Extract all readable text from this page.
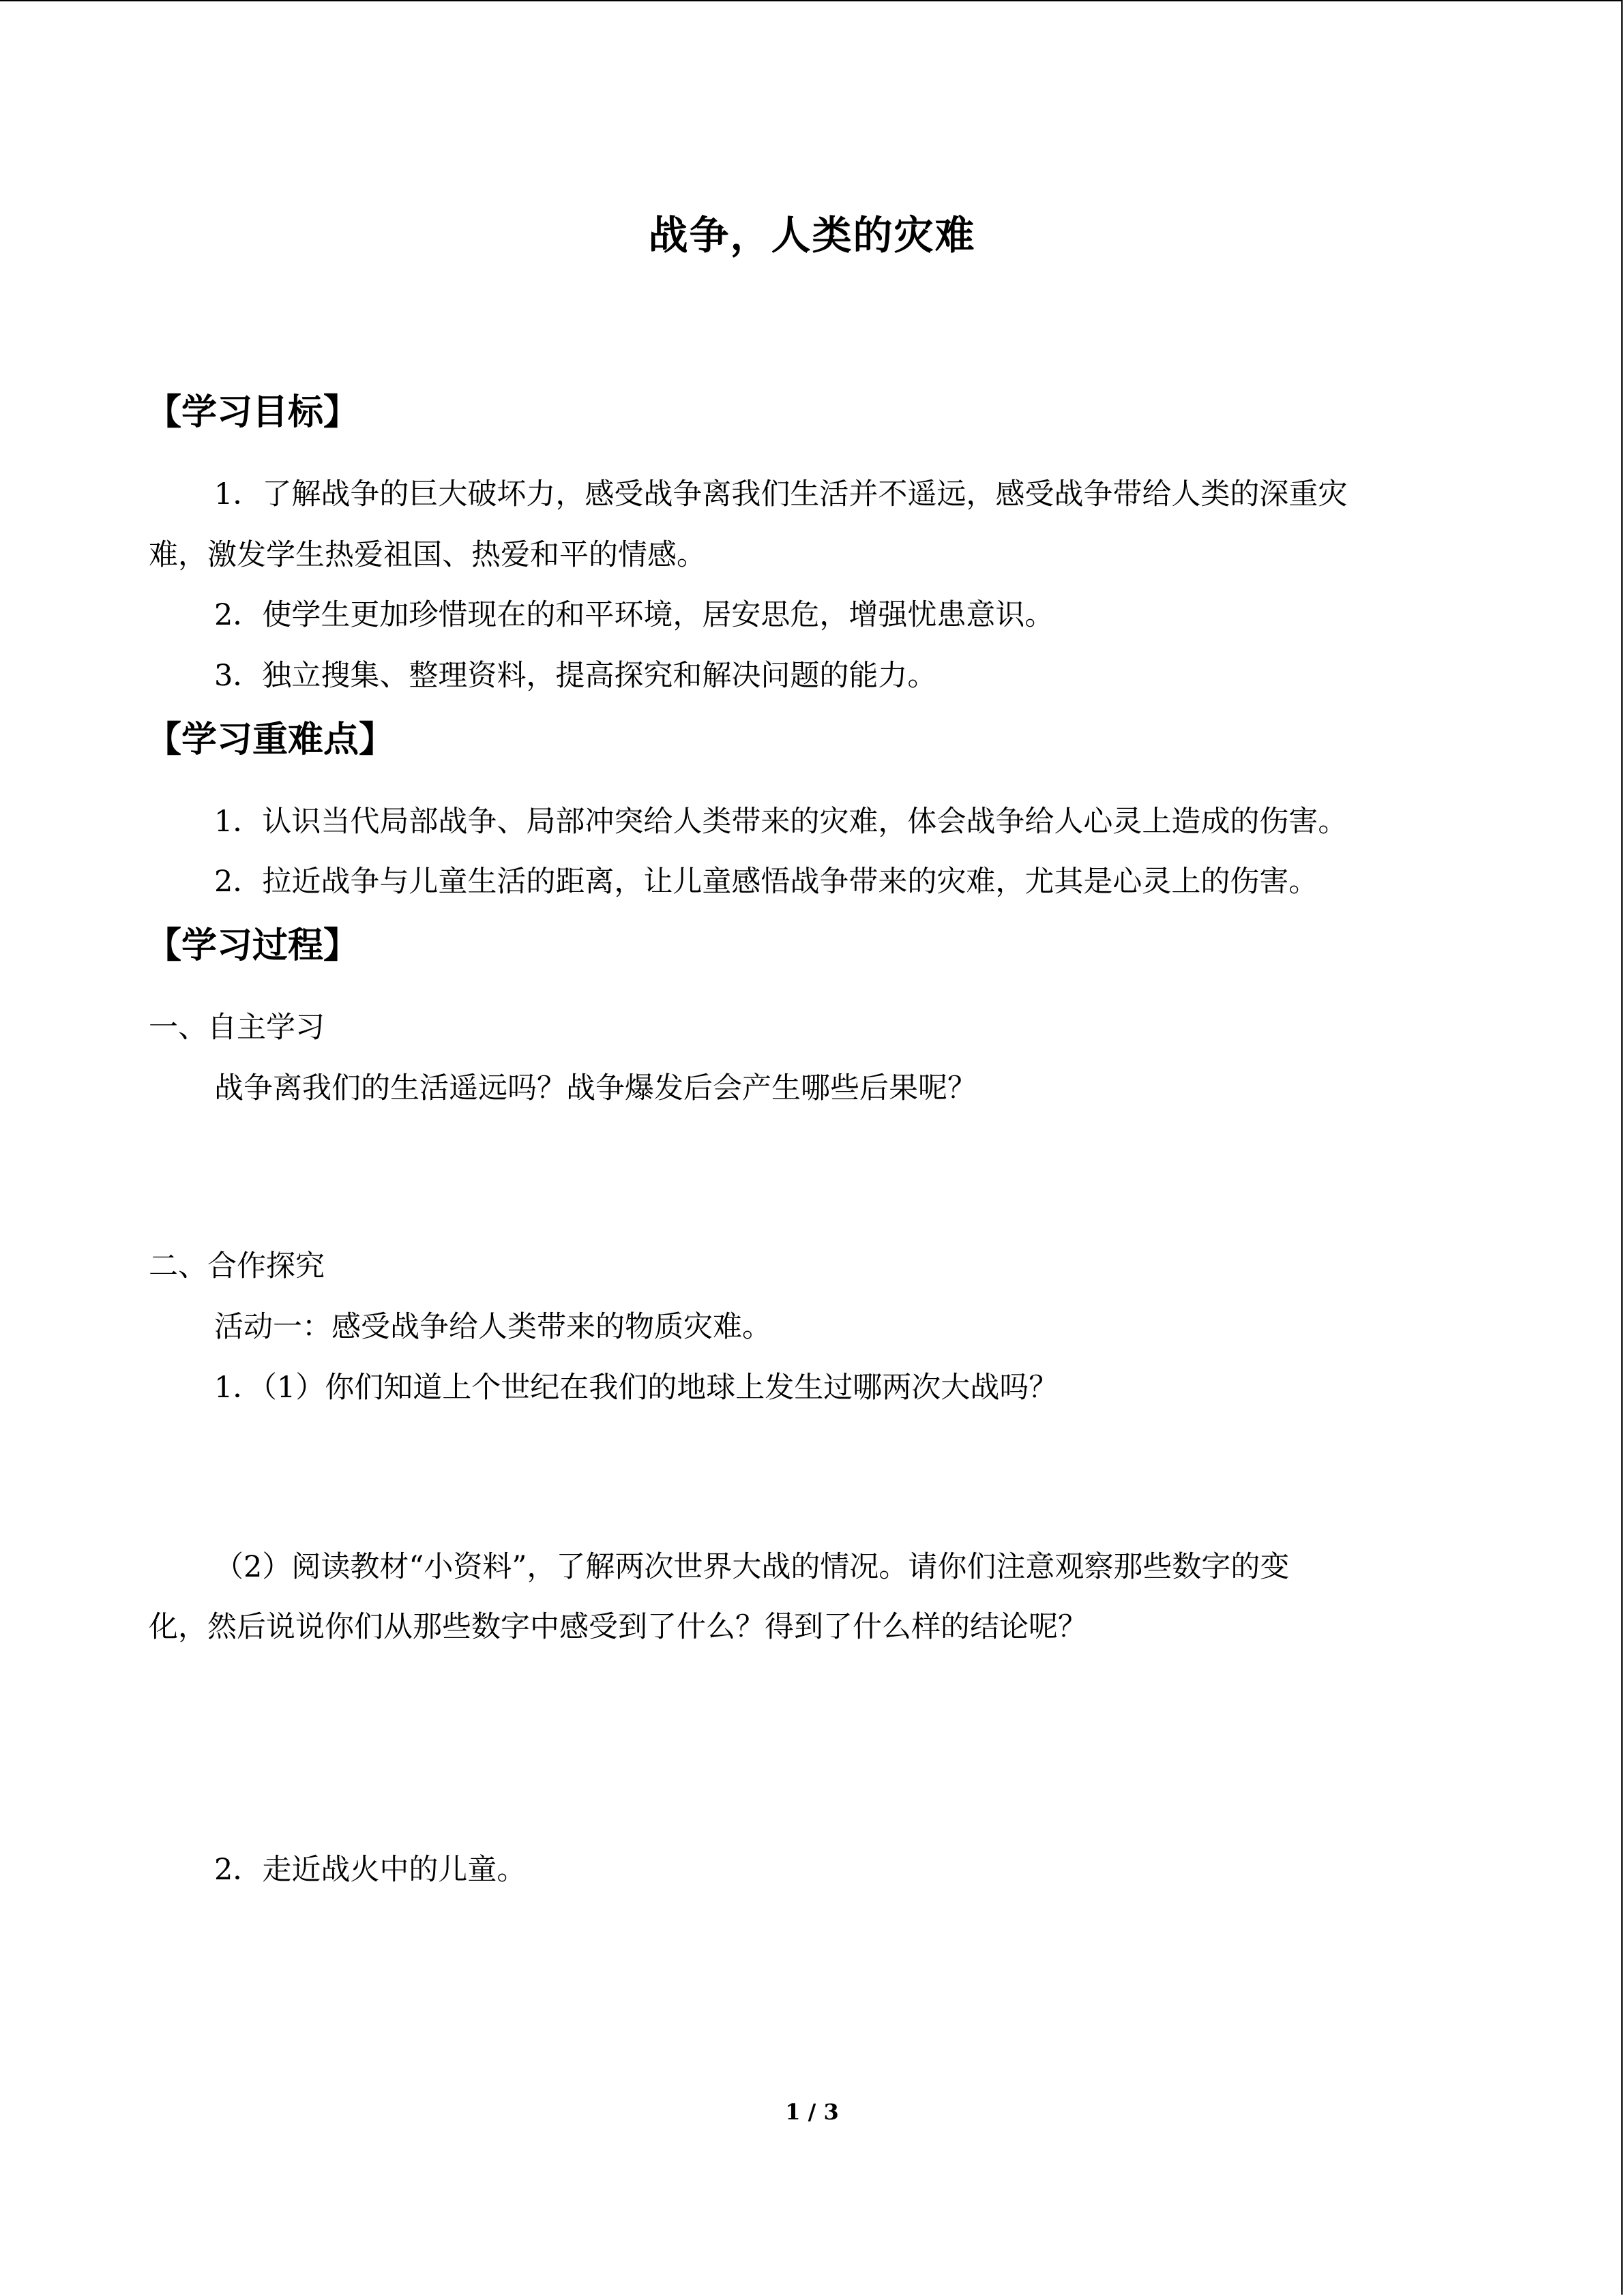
战争，人类的灾难
【学习目标】
1．了解战争的巨大破坏力，感受战争离我们生活并不遥远，感受战争带给人类的深重灾
难，激发学生热爱祖国、热爱和平的情感。
2．使学生更加珍惜现在的和平环境，居安思危，增强忧患意识。
3．独立搜集、整理资料，提高探究和解决问题的能力。
【学习重难点】
1．认识当代局部战争、局部冲突给人类带来的灾难，体会战争给人心灵上造成的伤害。
2．拉近战争与儿童生活的距离，让儿童感悟战争带来的灾难，尤其是心灵上的伤害。
【学习过程】
一、自主学习
战争离我们的生活遥远吗？战争爆发后会产生哪些后果呢？
二、合作探究
活动一：感受战争给人类带来的物质灾难。
1．（1）你们知道上个世纪在我们的地球上发生过哪两次大战吗？
（2）阅读教材“小资料”，了解两次世界大战的情况。请你们注意观察那些数字的变
化，然后说说你们从那些数字中感受到了什么？得到了什么样的结论呢？
2．走近战火中的儿童。
1 / 3
